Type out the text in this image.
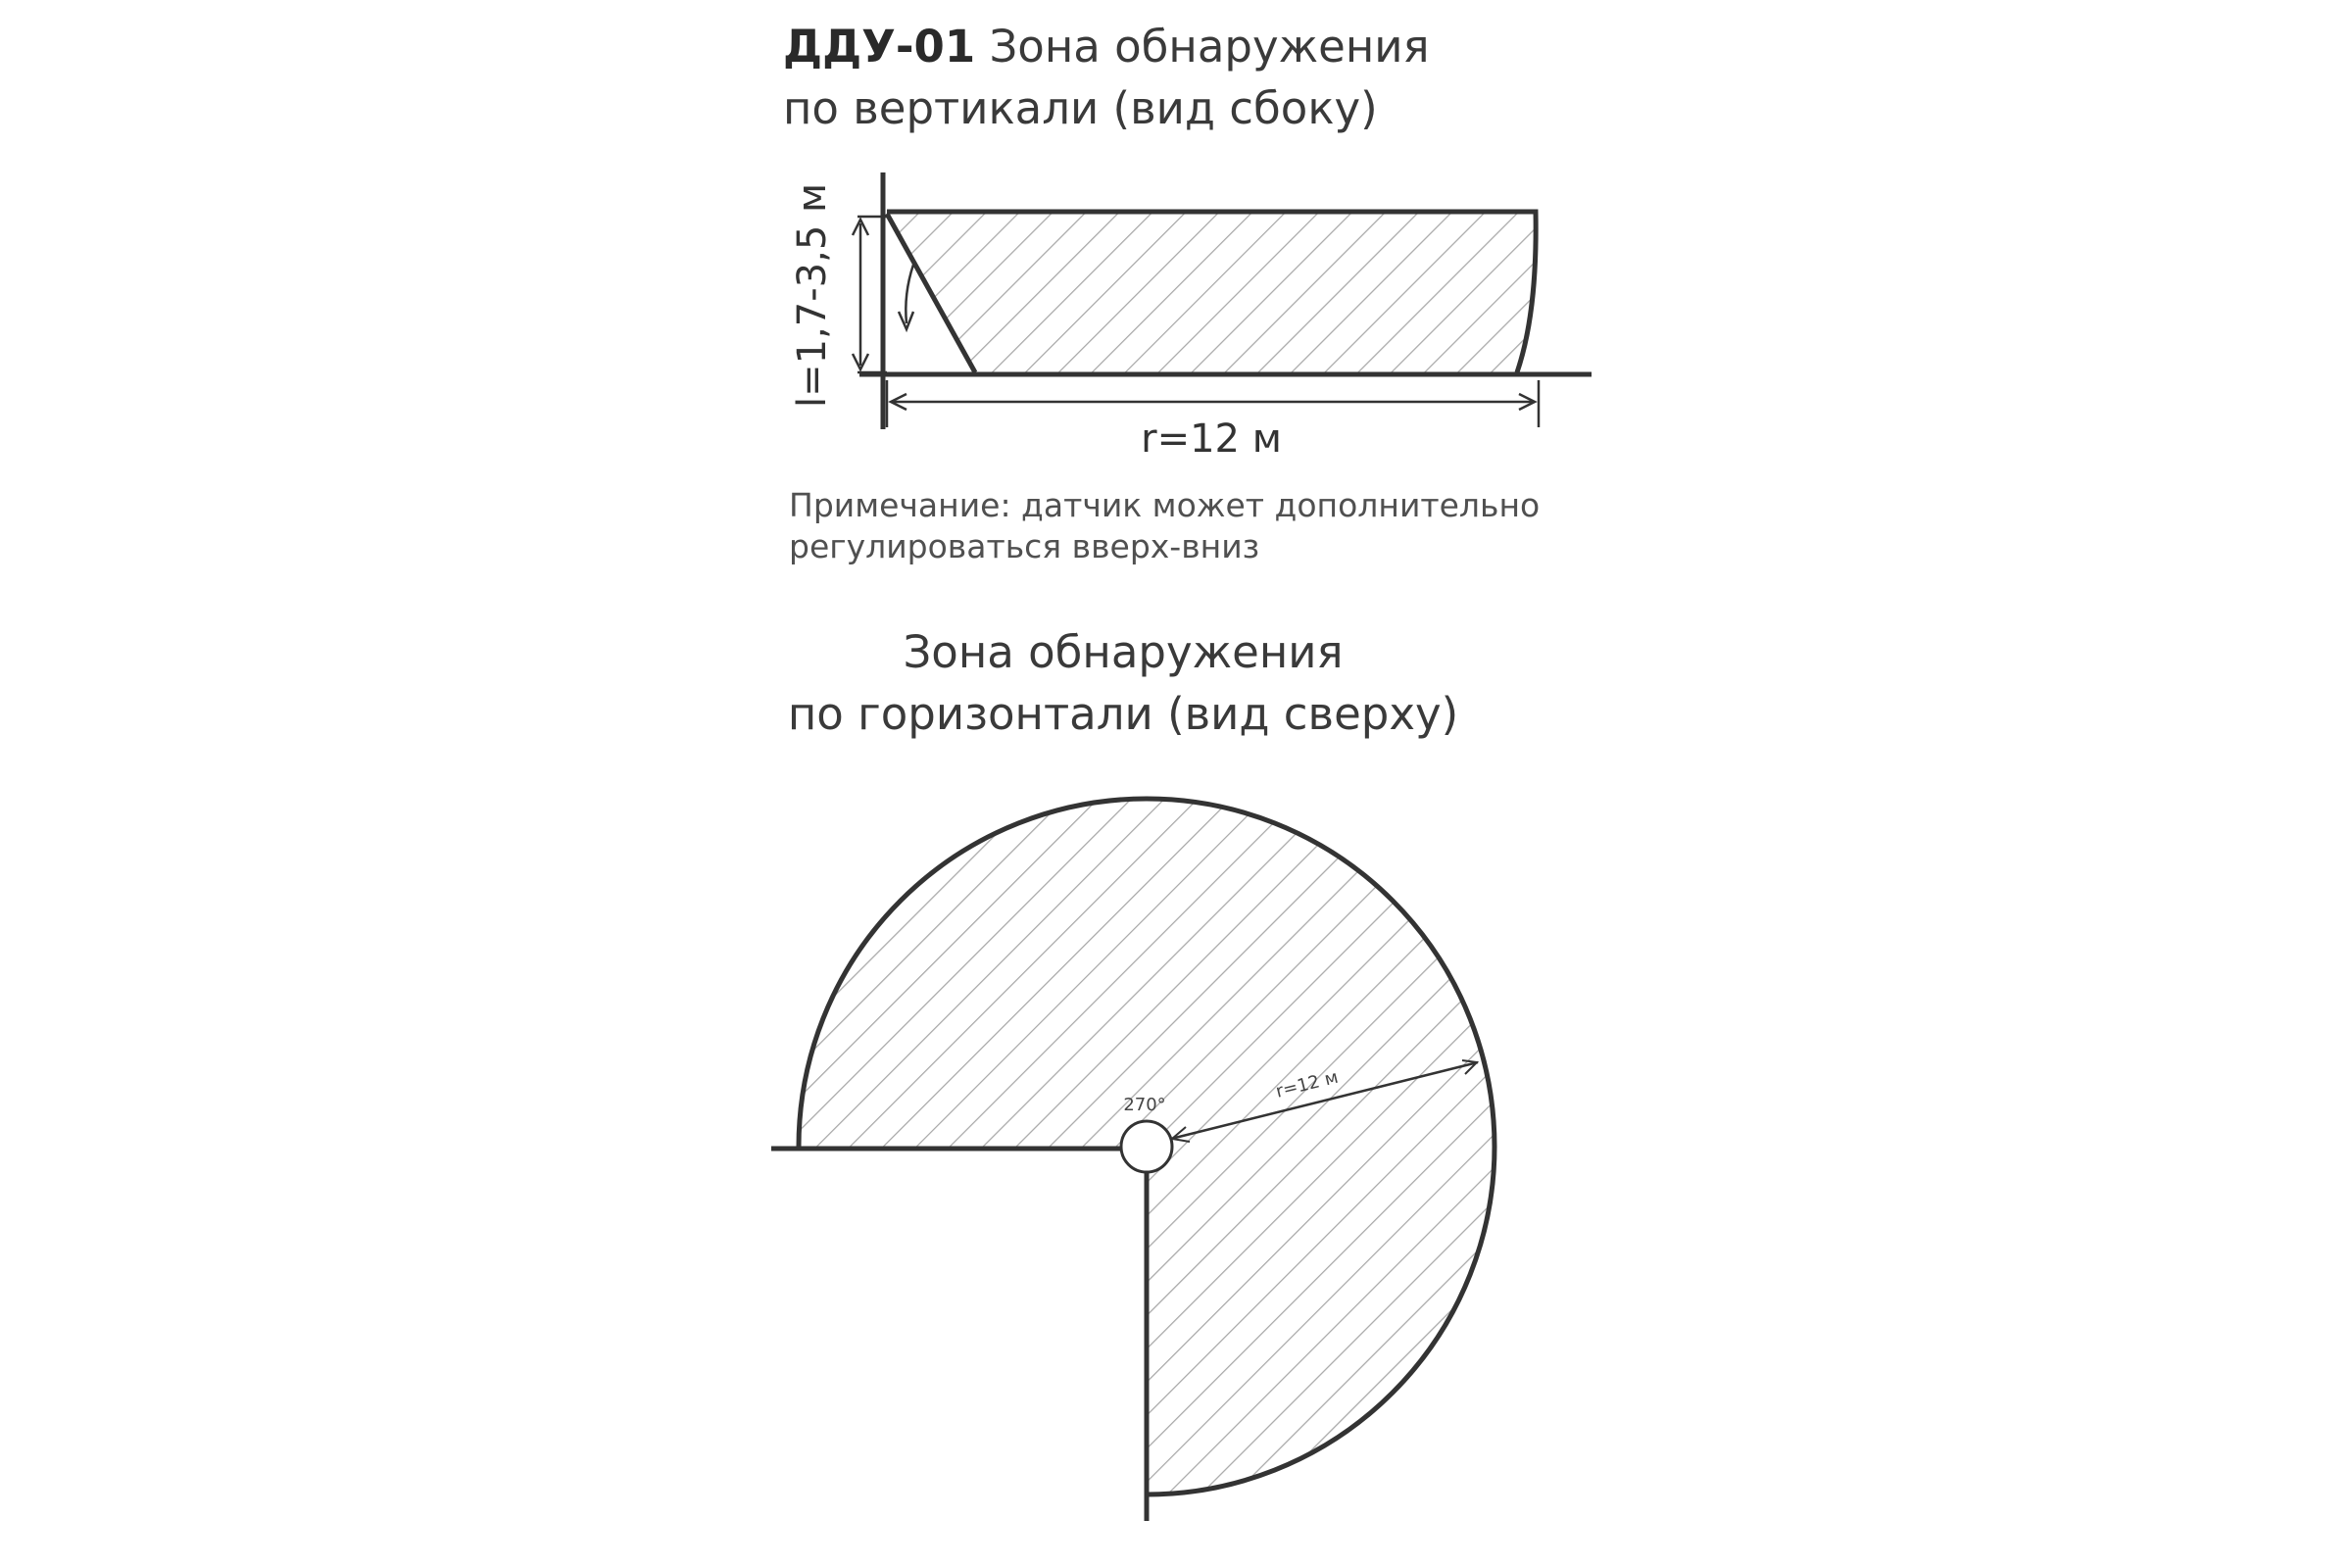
ДДУ-01 Зона обнаружения
по вертикали (вид сбоку)
l=1,7-3,5 м
r=12 м
Примечание: датчик может дополнительно
регулироваться вверх-вниз
Зона обнаружения
по горизонтали (вид сверху)
270°
r=12 м
